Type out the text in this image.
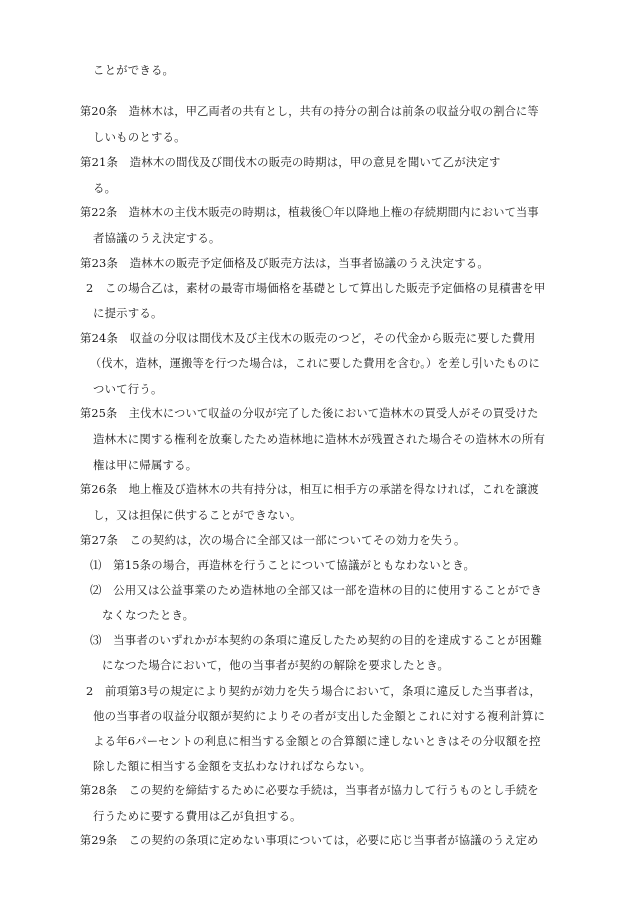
ことができる。
第20条　造林木は，甲乙両者の共有とし，共有の持分の割合は前条の収益分収の割合に等
しいものとする。
第21条　造林木の間伐及び間伐木の販売の時期は，甲の意見を聞いて乙が決定す
る。
第22条　造林木の主伐木販売の時期は，植栽後〇年以降地上権の存続期間内において当事
者協議のうえ決定する。
第23条　造林木の販売予定価格及び販売方法は，当事者協議のうえ決定する。
2　この場合乙は，素材の最寄市場価格を基礎として算出した販売予定価格の見積書を甲
に提示する。
第24条　収益の分収は間伐木及び主伐木の販売のつど，その代金から販売に要した費用
（伐木，造林，運搬等を行つた場合は，これに要した費用を含む。）を差し引いたものに
ついて行う。
第25条　主伐木について収益の分収が完了した後において造林木の買受人がその買受けた
造林木に関する権利を放棄したため造林地に造林木が残置された場合その造林木の所有
権は甲に帰属する。
第26条　地上権及び造林木の共有持分は，相互に相手方の承諾を得なければ，これを譲渡
し，又は担保に供することができない。
第27条　この契約は，次の場合に全部又は一部についてその効力を失う。
⑴　第15条の場合，再造林を行うことについて協議がともなわないとき。
⑵　公用又は公益事業のため造林地の全部又は一部を造林の目的に使用することができ
なくなつたとき。
⑶　当事者のいずれかが本契約の条項に違反したため契約の目的を達成することが困難
になつた場合において，他の当事者が契約の解除を要求したとき。
2　前項第3号の規定により契約が効力を失う場合において，条項に違反した当事者は，
他の当事者の収益分収額が契約によりその者が支出した金額とこれに対する複利計算に
よる年6パーセントの利息に相当する金額との合算額に達しないときはその分収額を控
除した額に相当する金額を支払わなければならない。
第28条　この契約を締結するために必要な手続は，当事者が協力して行うものとし手続を
行うために要する費用は乙が負担する。
第29条　この契約の条項に定めない事項については，必要に応じ当事者が協議のうえ定め
